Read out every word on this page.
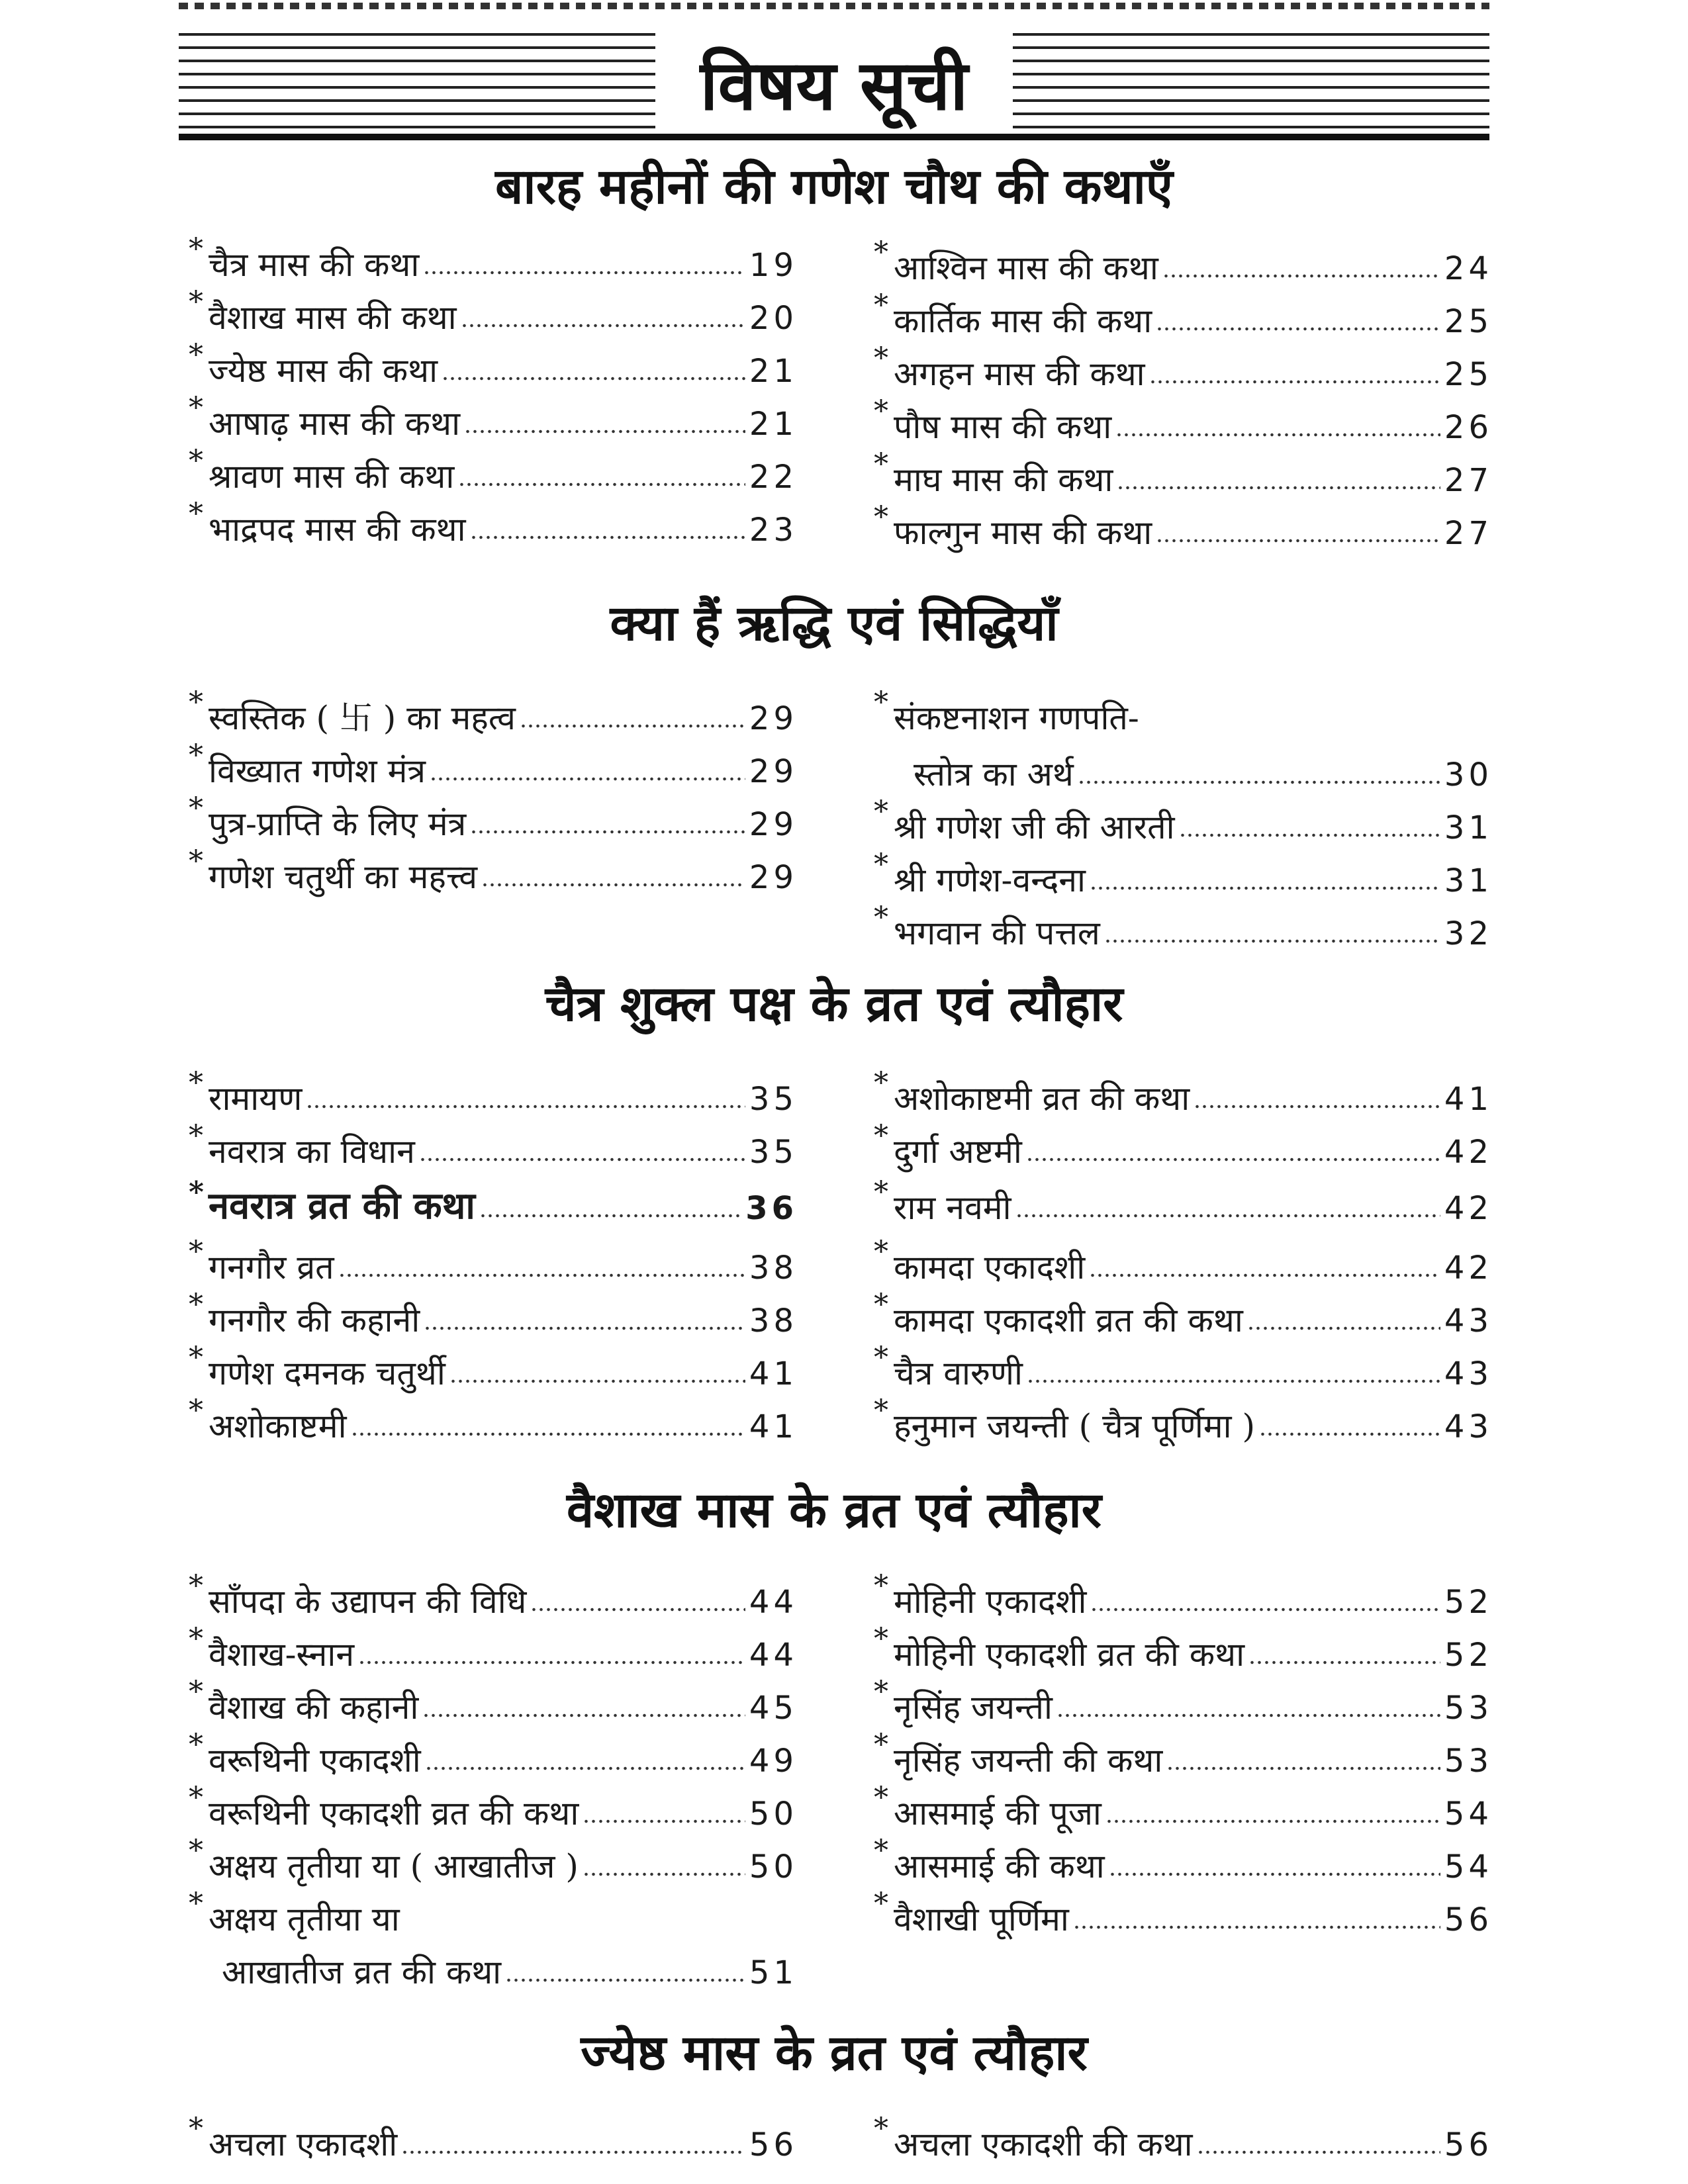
विषय सूची
बारह महीनों की गणेश चौथ की कथाएँ
* चैत्र मास की कथा	19
* वैशाख मास की कथा	20
* ज्येष्ठ मास की कथा	21
* आषाढ़ मास की कथा	21
* श्रावण मास की कथा	22
* भाद्रपद मास की कथा	23
* आश्विन मास की कथा	24
* कार्तिक मास की कथा	25
* अगहन मास की कथा	25
* पौष मास की कथा	26
* माघ मास की कथा	27
* फाल्गुन मास की कथा	27
क्या हैं ऋद्धि एवं सिद्धियाँ
* स्वस्तिक ( 卐 ) का महत्व	29
* विख्यात गणेश मंत्र	29
* पुत्र-प्राप्ति के लिए मंत्र	29
* गणेश चतुर्थी का महत्त्व	29
* संकष्टनाशन गणपति-
स्तोत्र का अर्थ	30
* श्री गणेश जी की आरती	31
* श्री गणेश-वन्दना	31
* भगवान की पत्तल	32
चैत्र शुक्ल पक्ष के व्रत एवं त्यौहार
* रामायण	35
* नवरात्र का विधान	35
* नवरात्र व्रत की कथा	36
* गनगौर व्रत	38
* गनगौर की कहानी	38
* गणेश दमनक चतुर्थी	41
* अशोकाष्टमी	41
* अशोकाष्टमी व्रत की कथा	41
* दुर्गा अष्टमी	42
* राम नवमी	42
* कामदा एकादशी	42
* कामदा एकादशी व्रत की कथा	43
* चैत्र वारुणी	43
* हनुमान जयन्ती ( चैत्र पूर्णिमा )	43
वैशाख मास के व्रत एवं त्यौहार
* साँपदा के उद्यापन की विधि	44
* वैशाख-स्नान	44
* वैशाख की कहानी	45
* वरूथिनी एकादशी	49
* वरूथिनी एकादशी व्रत की कथा	50
* अक्षय तृतीया या ( आखातीज )	50
* अक्षय तृतीया या
आखातीज व्रत की कथा	51
* मोहिनी एकादशी	52
* मोहिनी एकादशी व्रत की कथा	52
* नृसिंह जयन्ती	53
* नृसिंह जयन्ती की कथा	53
* आसमाई की पूजा	54
* आसमाई की कथा	54
* वैशाखी पूर्णिमा	56
ज्येष्ठ मास के व्रत एवं त्यौहार
* अचला एकादशी	56	* अचला एकादशी की कथा	56
